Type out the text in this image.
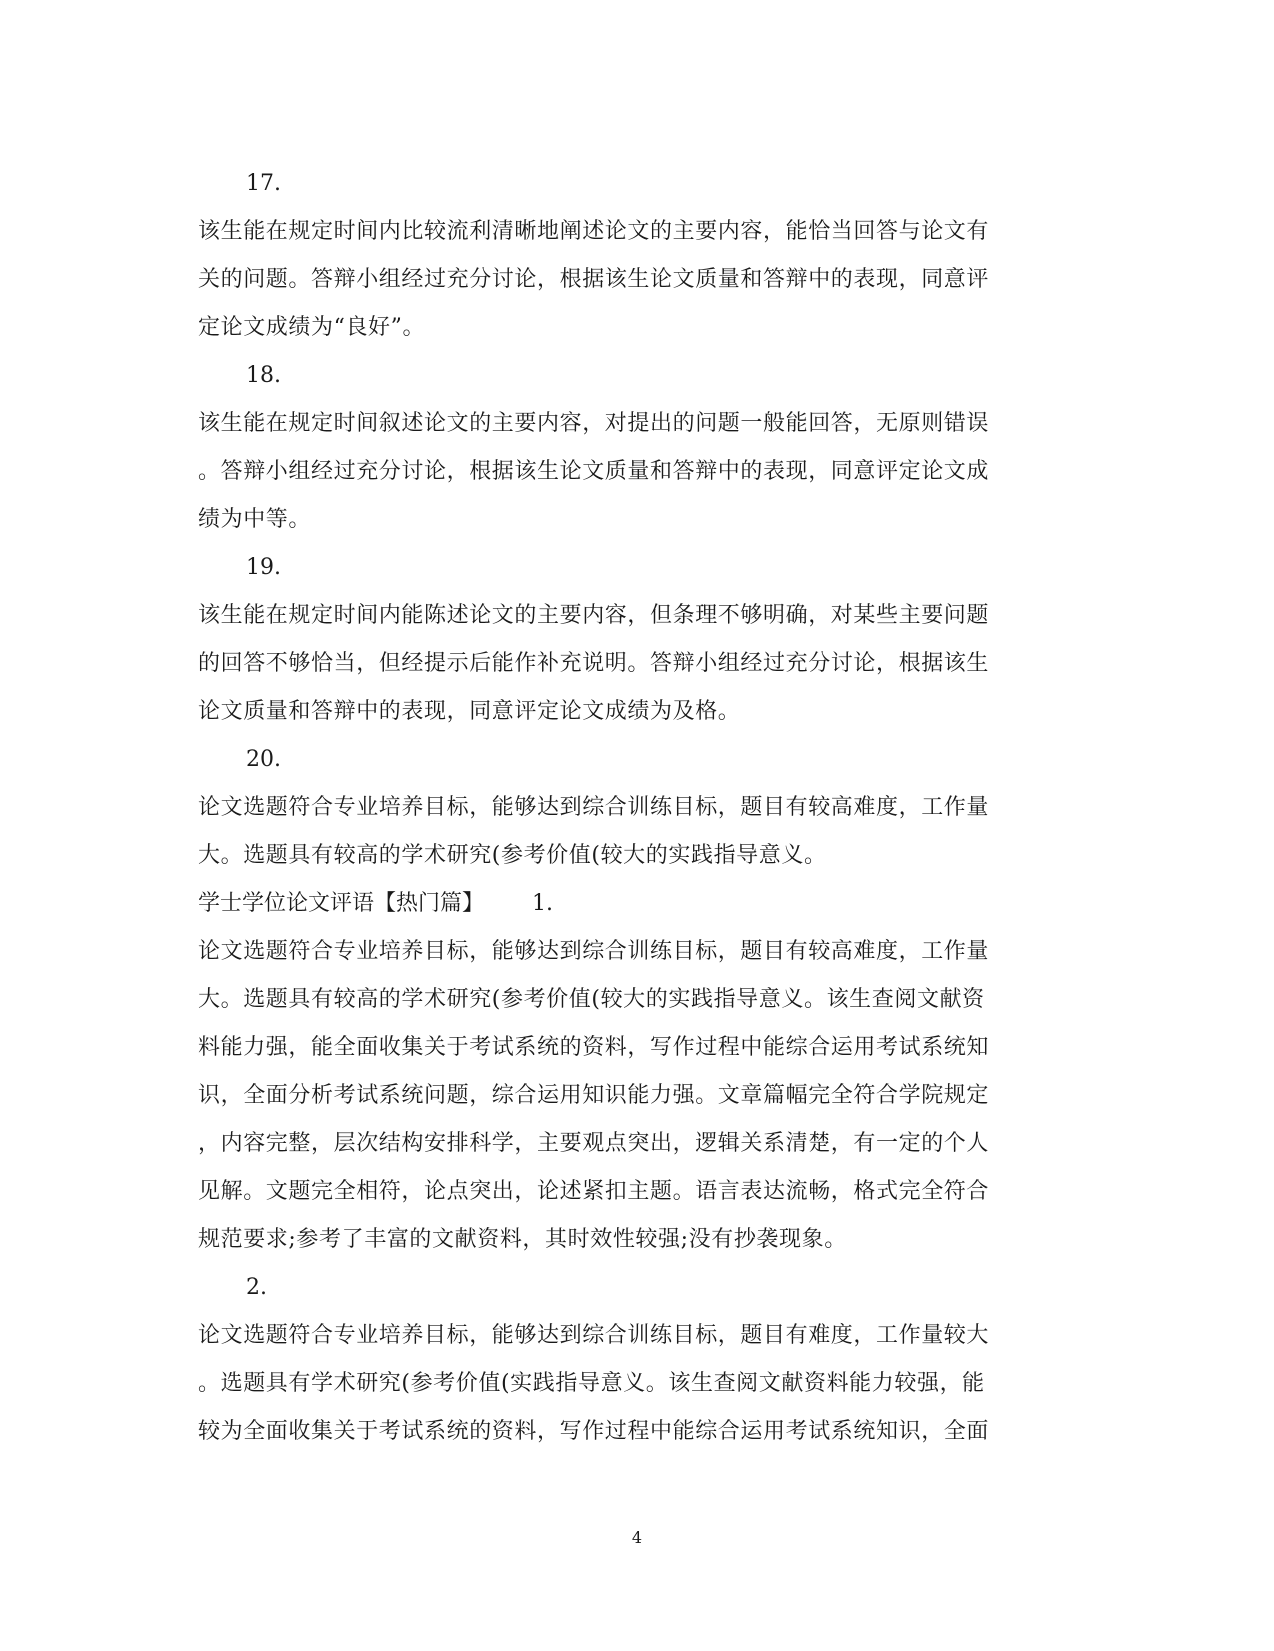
17.
该生能在规定时间内比较流利清晰地阐述论文的主要内容，能恰当回答与论文有
关的问题。答辩小组经过充分讨论，根据该生论文质量和答辩中的表现，同意评
定论文成绩为“良好”。
18.
该生能在规定时间叙述论文的主要内容，对提出的问题一般能回答，无原则错误
。答辩小组经过充分讨论，根据该生论文质量和答辩中的表现，同意评定论文成
绩为中等。
19.
该生能在规定时间内能陈述论文的主要内容，但条理不够明确，对某些主要问题
的回答不够恰当，但经提示后能作补充说明。答辩小组经过充分讨论，根据该生
论文质量和答辩中的表现，同意评定论文成绩为及格。
20.
论文选题符合专业培养目标，能够达到综合训练目标，题目有较高难度，工作量
大。选题具有较高的学术研究(参考价值(较大的实践指导意义。
学士学位论文评语【热门篇】 1.
论文选题符合专业培养目标，能够达到综合训练目标，题目有较高难度，工作量
大。选题具有较高的学术研究(参考价值(较大的实践指导意义。该生查阅文献资
料能力强，能全面收集关于考试系统的资料，写作过程中能综合运用考试系统知
识，全面分析考试系统问题，综合运用知识能力强。文章篇幅完全符合学院规定
，内容完整，层次结构安排科学，主要观点突出，逻辑关系清楚，有一定的个人
见解。文题完全相符，论点突出，论述紧扣主题。语言表达流畅，格式完全符合
规范要求;参考了丰富的文献资料，其时效性较强;没有抄袭现象。
2.
论文选题符合专业培养目标，能够达到综合训练目标，题目有难度，工作量较大
。选题具有学术研究(参考价值(实践指导意义。该生查阅文献资料能力较强，能
较为全面收集关于考试系统的资料，写作过程中能综合运用考试系统知识，全面
4
